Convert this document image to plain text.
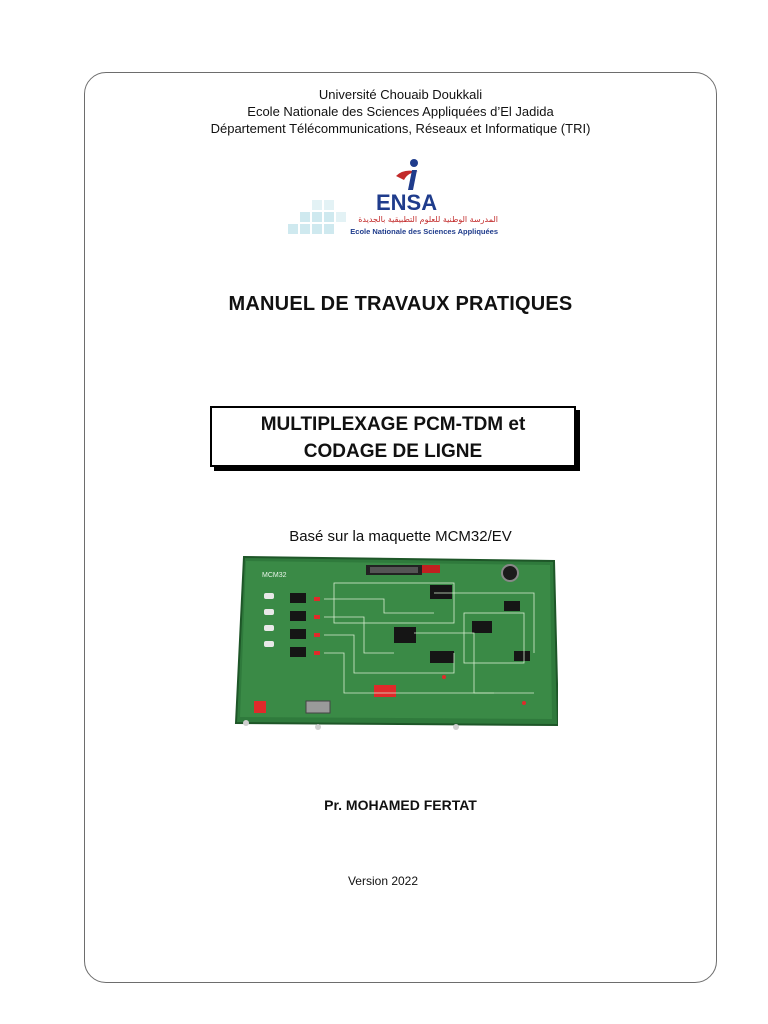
Université Chouaib Doukkali
Ecole Nationale des Sciences Appliquées d’El Jadida
Département Télécommunications, Réseaux et Informatique (TRI)
ENSA
المدرسة الوطنية للعلوم التطبيقية بالجديدة
Ecole Nationale des Sciences Appliquées
MANUEL DE TRAVAUX PRATIQUES
MULTIPLEXAGE PCM-TDM et
CODAGE DE LIGNE
Basé sur la maquette MCM32/EV
MCM32
Pr. MOHAMED FERTAT
Version 2022
